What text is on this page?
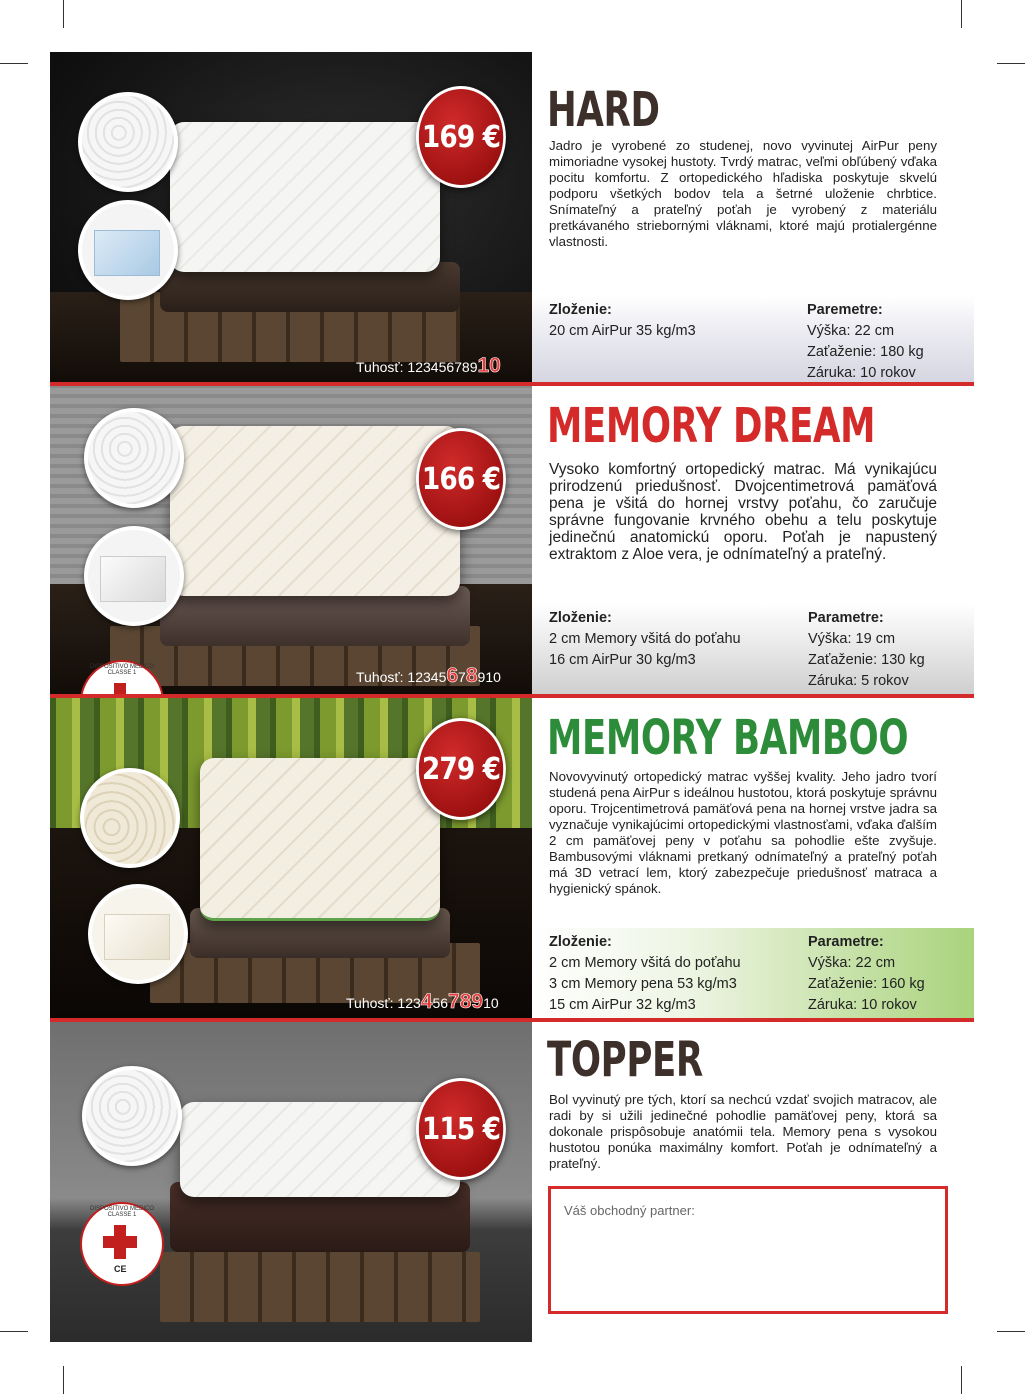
169 €
Tuhosť: 12345678910
HARD
Jadro je vyrobené zo studenej, novo vyvinutej AirPur peny mimoriadne vysokej hustoty. Tvrdý matrac, veľmi obľúbený vďaka pocitu komfortu. Z ortopedického hľadiska poskytuje skvelú podporu všetkých bodov tela a šetrné uloženie chrbtice. Snímateľný a prateľný poťah je vyrobený z materiálu pretkávaného striebornými vláknami, ktoré majú protialergénne vlastnosti.
Zloženie:
20 cm AirPur 35 kg/m3
Paremetre:
Výška: 22 cm
Zaťaženie: 180 kg
Záruka: 10 rokov
166 €
DISPOSITIVO MEDICO CLASSE 1	Tuhosť: 12345678910
MEMORY DREAM
Vysoko komfortný ortopedický matrac. Má vynikajúcu prirodzenú priedušnosť. Dvojcentimetrová pamäťová pena je všitá do hornej vrstvy poťahu, čo zaručuje správne fungovanie krvného obehu a telu poskytuje jedinečnú anatomickú oporu. Poťah je napustený extraktom z Aloe vera, je odnímateľný a prateľný.
Zloženie:
2 cm Memory všitá do poťahu
16 cm AirPur 30 kg/m3
Parametre:
Výška: 19 cm
Zaťaženie: 130 kg
Záruka: 5 rokov
279 €
Tuhosť: 12345678910
MEMORY BAMBOO
Novovyvinutý ortopedický matrac vyššej kvality. Jeho jadro tvorí studená pena AirPur s ideálnou hustotou, ktorá poskytuje správnu oporu. Trojcentimetrová pamäťová pena na hornej vrstve jadra sa vyznačuje vynikajúcimi ortopedickými vlastnosťami, vďaka ďalším 2 cm pamäťovej peny v poťahu sa pohodlie ešte zvyšuje. Bambusovými vláknami pretkaný odnímateľný a prateľný poťah má 3D vetrací lem, ktorý zabezpečuje priedušnosť matraca a hygienický spánok.
Zloženie:
2 cm Memory všitá do poťahu
3 cm Memory pena 53 kg/m3
15 cm AirPur 32 kg/m3
Parametre:
Výška: 22 cm
Zaťaženie: 160 kg
Záruka: 10 rokov
115 €
DISPOSITIVO MEDICO CLASSE 1
CE
TOPPER
Bol vyvinutý pre tých, ktorí sa nechcú vzdať svojich matracov, ale radi by si užili jedinečné pohodlie pamäťovej peny, ktorá sa dokonale prispôsobuje anatómii tela. Memory pena s vysokou hustotou ponúka maximálny komfort. Poťah je odnímateľný a prateľný.
Váš obchodný partner:
